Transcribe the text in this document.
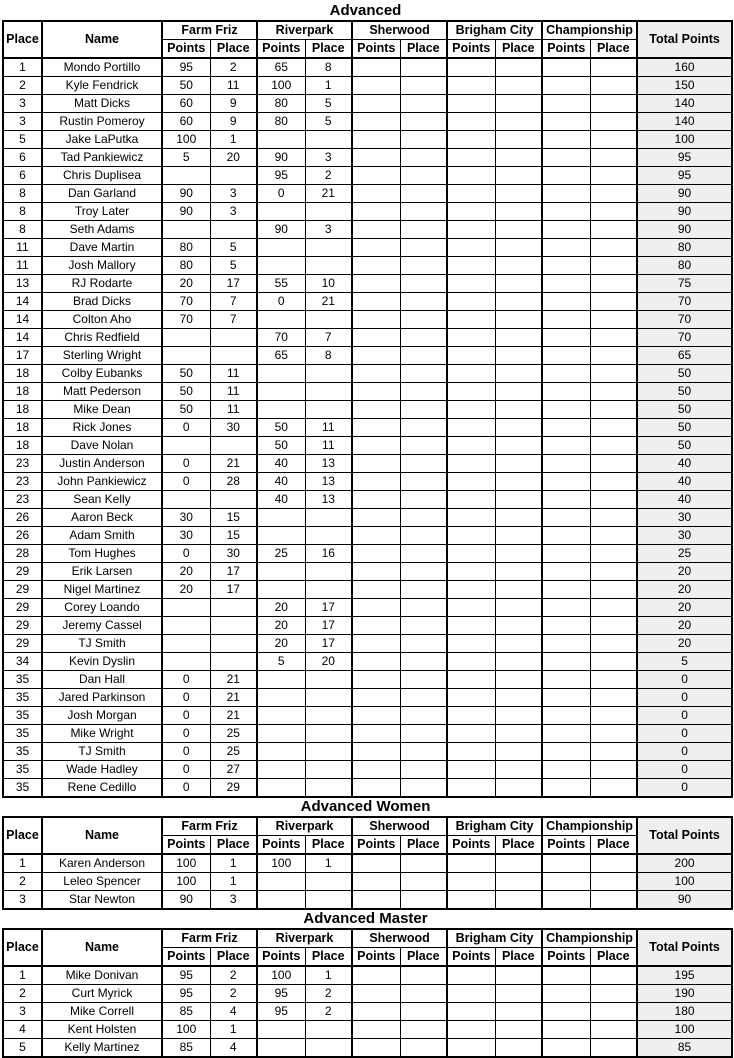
Advanced
Place	Name	Farm Friz		Riverpark		Sherwood		Brigham City		Championship		Total Points
		Points	Place	Points	Place	Points	Place	Points	Place	Points	Place	
1	Mondo Portillo	95	2	65	8							160
2	Kyle Fendrick	50	11	100	1							150
3	Matt Dicks	60	9	80	5							140
3	Rustin Pomeroy	60	9	80	5							140
5	Jake LaPutka	100	1									100
6	Tad Pankiewicz	5	20	90	3							95
6	Chris Duplisea			95	2							95
8	Dan Garland	90	3	0	21							90
8	Troy Later	90	3									90
8	Seth Adams			90	3							90
11	Dave Martin	80	5									80
11	Josh Mallory	80	5									80
13	RJ Rodarte	20	17	55	10							75
14	Brad Dicks	70	7	0	21							70
14	Colton Aho	70	7									70
14	Chris Redfield			70	7							70
17	Sterling Wright			65	8							65
18	Colby Eubanks	50	11									50
18	Matt Pederson	50	11									50
18	Mike Dean	50	11									50
18	Rick Jones	0	30	50	11							50
18	Dave Nolan			50	11							50
23	Justin Anderson	0	21	40	13							40
23	John Pankiewicz	0	28	40	13							40
23	Sean Kelly			40	13							40
26	Aaron Beck	30	15									30
26	Adam Smith	30	15									30
28	Tom Hughes	0	30	25	16							25
29	Erik Larsen	20	17									20
29	Nigel Martinez	20	17									20
29	Corey Loando			20	17							20
29	Jeremy Cassel			20	17							20
29	TJ Smith			20	17							20
34	Kevin Dyslin			5	20							5
35	Dan Hall	0	21									0
35	Jared Parkinson	0	21									0
35	Josh Morgan	0	21									0
35	Mike Wright	0	25									0
35	TJ Smith	0	25									0
35	Wade Hadley	0	27									0
35	Rene Cedillo	0	29									0
Advanced Women
Place	Name	Farm Friz		Riverpark		Sherwood		Brigham City		Championship		Total Points
		Points	Place	Points	Place	Points	Place	Points	Place	Points	Place	
1	Karen Anderson	100	1	100	1							200
2	Leleo Spencer	100	1									100
3	Star Newton	90	3									90
Advanced Master
Place	Name	Farm Friz		Riverpark		Sherwood		Brigham City		Championship		Total Points
		Points	Place	Points	Place	Points	Place	Points	Place	Points	Place	
1	Mike Donivan	95	2	100	1							195
2	Curt Myrick	95	2	95	2							190
3	Mike Correll	85	4	95	2							180
4	Kent Holsten	100	1									100
5	Kelly Martinez	85	4									85
